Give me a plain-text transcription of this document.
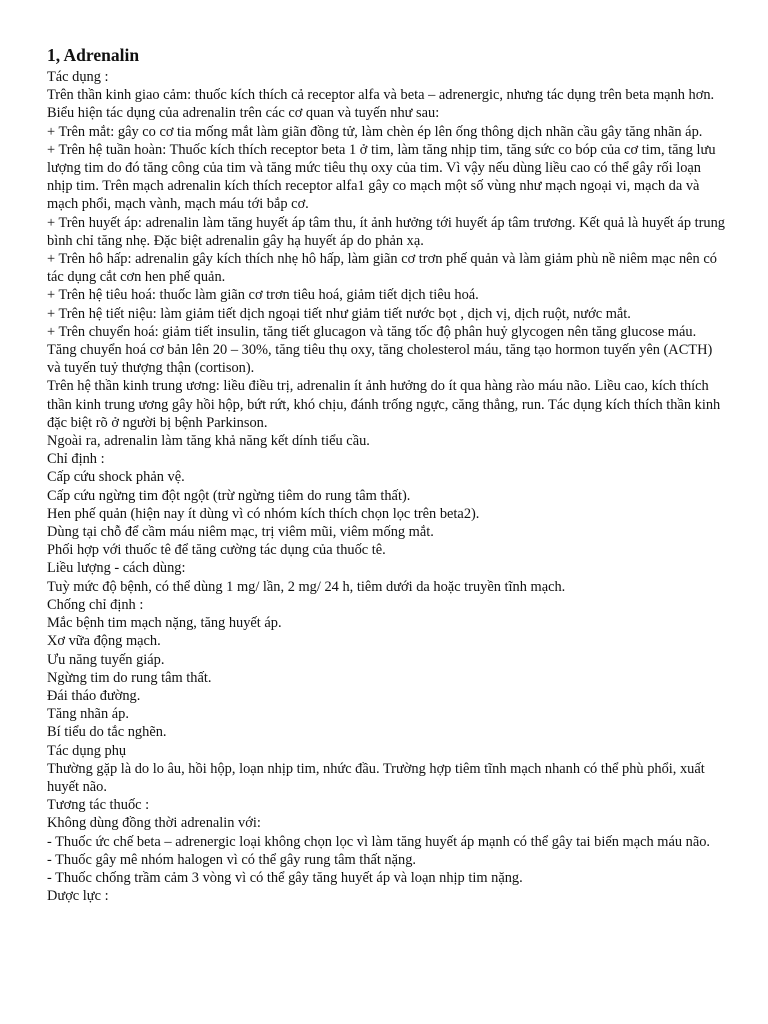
1, Adrenalin

Tác dụng :

Trên thần kinh giao cảm: thuốc kích thích cả receptor alfa và beta – adrenergic, nhưng tác dụng trên beta mạnh hơn. Biểu hiện tác dụng của adrenalin trên các cơ quan và tuyến như sau:

+ Trên mắt: gây co cơ tia mống mắt làm giãn đồng tử, làm chèn ép lên ống thông dịch nhãn cầu gây tăng nhãn áp.

+ Trên hệ tuần hoàn: Thuốc kích thích receptor beta 1 ở tim, làm tăng nhịp tim, tăng sức co bóp của cơ tim, tăng lưu lượng tim do đó tăng công của tim và tăng mức tiêu thụ oxy của tim. Vì vậy nếu dùng liều cao có thể gây rối loạn nhịp tim. Trên mạch adrenalin kích thích receptor alfa1 gây co mạch một số vùng như mạch ngoại vi, mạch da và mạch phổi, mạch vành, mạch máu tới bắp cơ.

+ Trên huyết áp: adrenalin làm tăng huyết áp tâm thu, ít ảnh hưởng tới huyết áp tâm trương. Kết quả là huyết áp trung bình chỉ tăng nhẹ. Đặc biệt adrenalin gây hạ huyết áp do phản xạ.

+ Trên hô hấp: adrenalin gây kích thích nhẹ hô hấp, làm giãn cơ trơn phế quản và làm giảm phù nề niêm mạc nên có tác dụng cắt cơn hen phế quản.

+ Trên hệ tiêu hoá: thuốc làm giãn cơ trơn tiêu hoá, giảm tiết dịch tiêu hoá.

+ Trên hệ tiết niệu: làm giảm tiết dịch ngoại tiết như giảm tiết nước bọt , dịch vị, dịch ruột, nước mắt.

+ Trên chuyển hoá: giảm tiết insulin, tăng tiết glucagon và tăng tốc độ phân huỷ glycogen nên tăng glucose máu. Tăng chuyển hoá cơ bản lên 20 – 30%, tăng tiêu thụ oxy, tăng cholesterol máu, tăng tạo hormon tuyến yên (ACTH) và tuyến tuỷ thượng thận (cortison).

Trên hệ thần kinh trung ương: liều điều trị, adrenalin ít ảnh hưởng do ít qua hàng rào máu não. Liều cao, kích thích thần kinh trung ương gây hồi hộp, bứt rứt, khó chịu, đánh trống ngực, căng thẳng, run. Tác dụng kích thích thần kinh đặc biệt rõ ở người bị bệnh Parkinson.

Ngoài ra, adrenalin làm tăng khả năng kết dính tiểu cầu.

Chỉ định :

Cấp cứu shock phản vệ.

Cấp cứu ngừng tim đột ngột (trừ ngừng tiêm do rung tâm thất).

Hen phế quản (hiện nay ít dùng vì có nhóm kích thích chọn lọc trên beta2).

Dùng tại chỗ để cầm máu niêm mạc, trị viêm mũi, viêm mống mắt.

Phối hợp với thuốc tê để tăng cường tác dụng của thuốc tê.

Liều lượng - cách dùng:

Tuỳ mức độ bệnh, có thể dùng 1 mg/ lần, 2 mg/ 24 h, tiêm dưới da hoặc truyền tĩnh mạch.

Chống chỉ định :

Mắc bệnh tim mạch nặng, tăng huyết áp.

Xơ vữa động mạch.

Ưu năng tuyến giáp.

Ngừng tim do rung tâm thất.

Đái tháo đường.

Tăng nhãn áp.

Bí tiểu do tắc nghẽn.

Tác dụng phụ

Thường gặp là do lo âu, hồi hộp, loạn nhịp tim, nhức đầu. Trường hợp tiêm tĩnh mạch nhanh có thể phù phổi, xuất huyết não.

Tương tác thuốc :

Không dùng đồng thời adrenalin với:

- Thuốc ức chế beta – adrenergic loại không chọn lọc vì làm tăng huyết áp mạnh có thể gây tai biến mạch máu não.

- Thuốc gây mê nhóm halogen vì có thể gây rung tâm thất nặng.

- Thuốc chống trầm cảm 3 vòng vì có thể gây tăng huyết áp và loạn nhịp tim nặng.

Dược lực :
